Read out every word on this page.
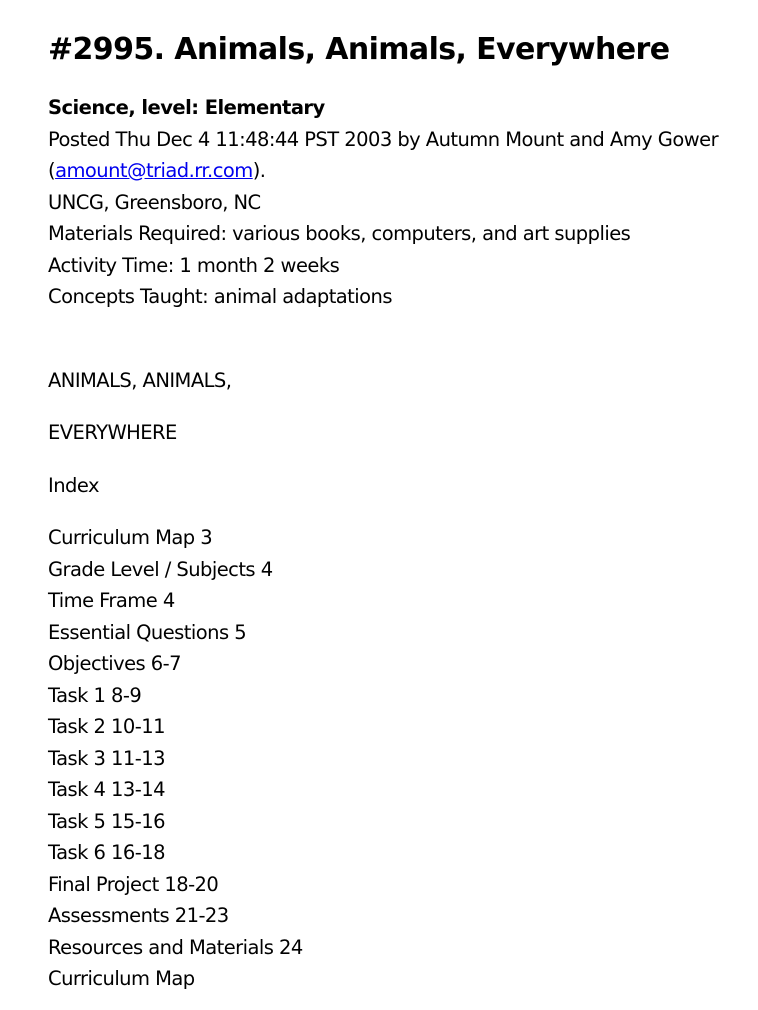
#2995. Animals, Animals, Everywhere
Science, level: Elementary
Posted Thu Dec 4 11:48:44 PST 2003 by Autumn Mount and Amy Gower (amount@triad.rr.com).
UNCG, Greensboro, NC
Materials Required: various books, computers, and art supplies
Activity Time: 1 month 2 weeks
Concepts Taught: animal adaptations

ANIMALS, ANIMALS,

EVERYWHERE

Index

Curriculum Map 3
Grade Level / Subjects 4
Time Frame 4
Essential Questions 5
Objectives 6-7
Task 1 8-9
Task 2 10-11
Task 3 11-13
Task 4 13-14
Task 5 15-16
Task 6 16-18
Final Project 18-20
Assessments 21-23
Resources and Materials 24
Curriculum Map
